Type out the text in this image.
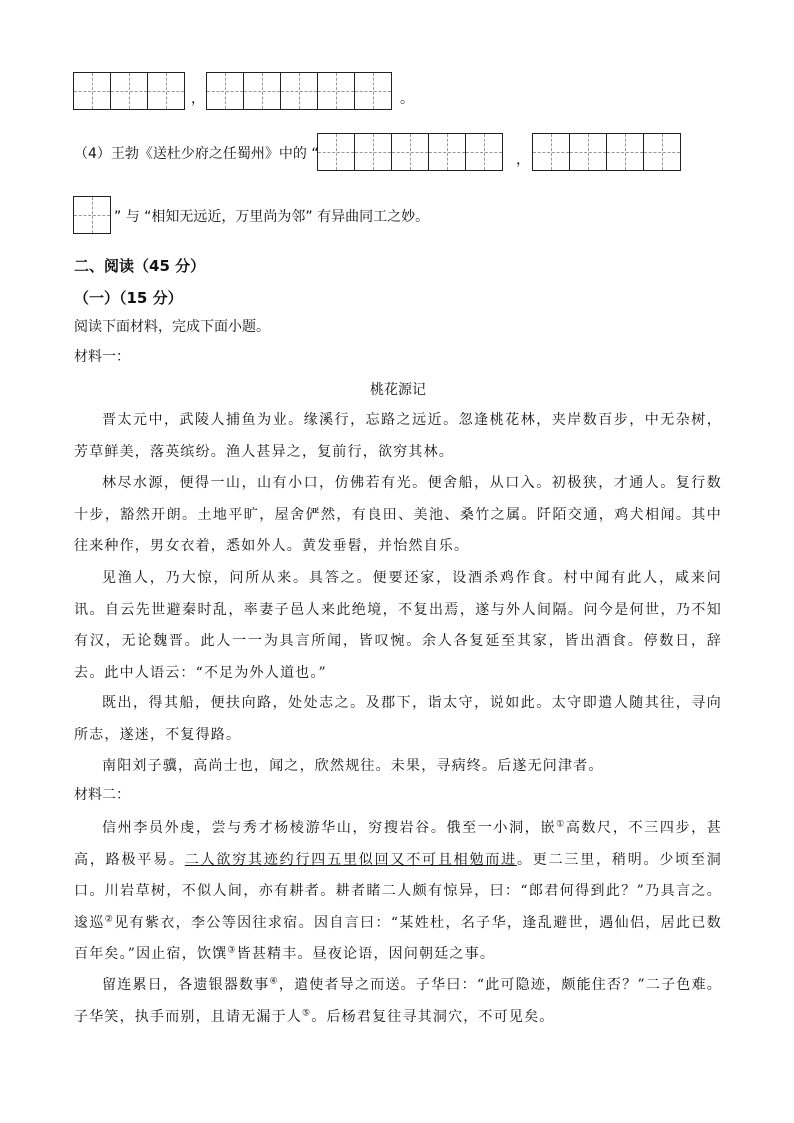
，	。
（4）王勃《送杜少府之任蜀州》中的 “	，
” 与 “相知无远近，万里尚为邻” 有异曲同工之妙。
二、阅读（45 分）
（一）（15 分）
阅读下面材料，完成下面小题。
材料一：
桃花源记
晋太元中，武陵人捕鱼为业。缘溪行，忘路之远近。忽逢桃花林，夹岸数百步，中无杂树，芳草鲜美，落英缤纷。渔人甚异之，复前行，欲穷其林。
林尽水源，便得一山，山有小口，仿佛若有光。便舍船，从口入。初极狭，才通人。复行数十步，豁然开朗。土地平旷，屋舍俨然，有良田、美池、桑竹之属。阡陌交通，鸡犬相闻。其中往来种作，男女衣着，悉如外人。黄发垂髫，并怡然自乐。
见渔人，乃大惊，问所从来。具答之。便要还家，设酒杀鸡作食。村中闻有此人，咸来问讯。自云先世避秦时乱，率妻子邑人来此绝境，不复出焉，遂与外人间隔。问今是何世，乃不知有汉，无论魏晋。此人一一为具言所闻，皆叹惋。余人各复延至其家，皆出酒食。停数日，辞去。此中人语云：“不足为外人道也。”
既出，得其船，便扶向路，处处志之。及郡下，诣太守，说如此。太守即遣人随其往，寻向所志，遂迷，不复得路。
南阳刘子骥，高尚士也，闻之，欣然规往。未果，寻病终。后遂无问津者。
材料二：
信州李员外虔，尝与秀才杨棱游华山，穷搜岩谷。俄至一小洞，嵌①高数尺，不三四步，甚高，路极平易。二人欲穷其迹约行四五里似回又不可且相勉而进。更二三里，稍明。少顷至洞口。川岩草树，不似人间，亦有耕者。耕者睹二人颇有惊异，曰：“郎君何得到此？”乃具言之。逡巡②见有紫衣，李公等因往求宿。因自言曰：“某姓杜，名子华，逢乱避世，遇仙侣，居此已数百年矣。”因止宿，饮馔③皆甚精丰。昼夜论语，因问朝廷之事。
留连累日，各遗银器数事④，遣使者导之而送。子华曰：“此可隐迹，颇能住否？”二子色难。子华笑，执手而别，且请无漏于人⑤。后杨君复往寻其洞穴，不可见矣。
